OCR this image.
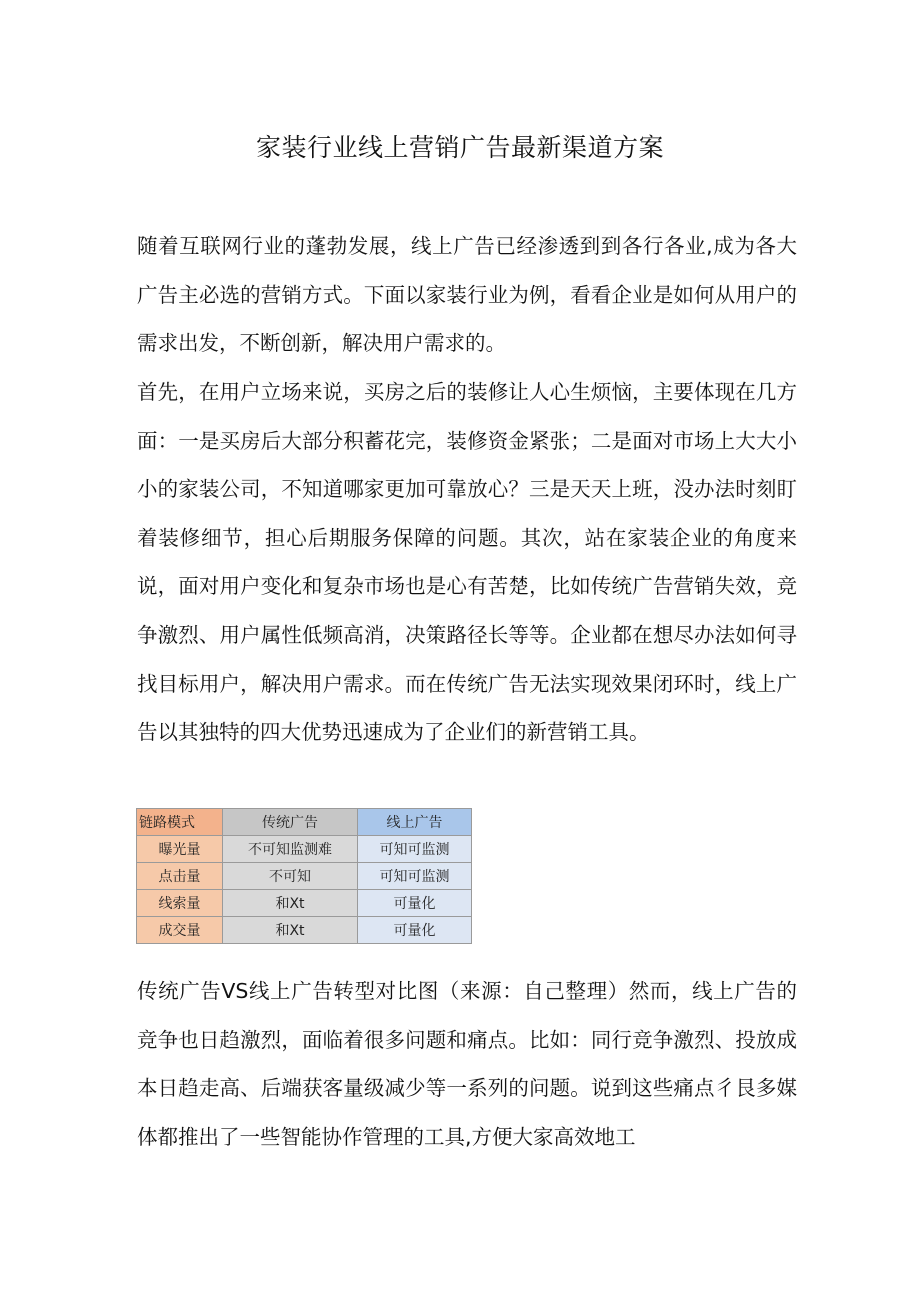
家装行业线上营销广告最新渠道方案

随着互联网行业的蓬勃发展，线上广告已经渗透到到各行各业,成为各大广告主必选的营销方式。下面以家装行业为例，看看企业是如何从用户的需求出发，不断创新，解决用户需求的。

首先，在用户立场来说，买房之后的装修让人心生烦恼，主要体现在几方面：一是买房后大部分积蓄花完，装修资金紧张；二是面对市场上大大小小的家装公司，不知道哪家更加可靠放心？三是天天上班，没办法时刻盯着装修细节，担心后期服务保障的问题。其次，站在家装企业的角度来说，面对用户变化和复杂市场也是心有苦楚，比如传统广告营销失效，竞争激烈、用户属性低频高消，决策路径长等等。企业都在想尽办法如何寻找目标用户，解决用户需求。而在传统广告无法实现效果闭环时，线上广告以其独特的四大优势迅速成为了企业们的新营销工具。

链路模式	传统广告	线上广告
曝光量	不可知监测难	可知可监测
点击量	不可知	可知可监测
线索量	和Xt	可量化
成交量	和Xt	可量化

传统广告VS线上广告转型对比图（来源：自己整理）然而，线上广告的竞争也日趋激烈，面临着很多问题和痛点。比如：同行竞争激烈、投放成本日趋走高、后端获客量级减少等一系列的问题。说到这些痛点彳艮多媒体都推出了一些智能协作管理的工具,方便大家高效地工
